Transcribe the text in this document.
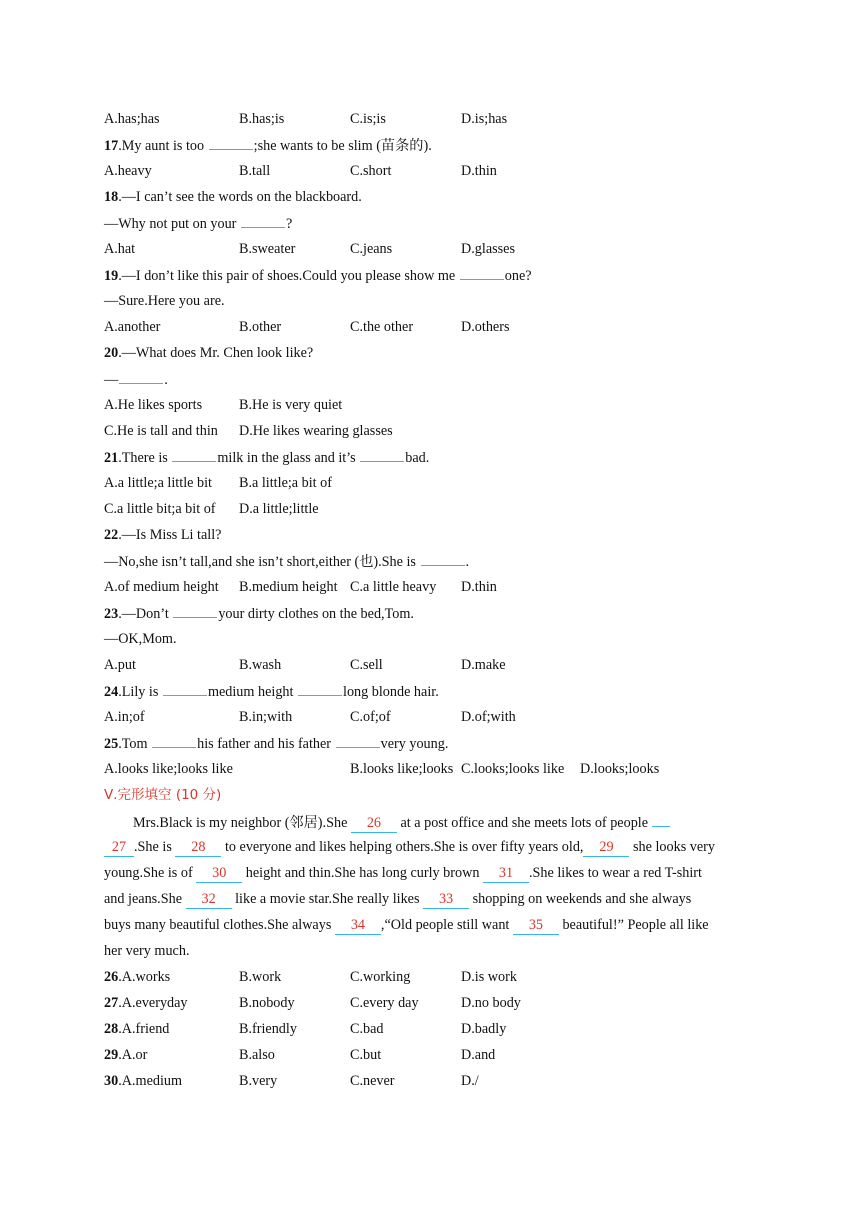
A.has;has	B.has;is	C.is;is	D.is;has
17.My aunt is too	;she wants to be slim (苗条的).
A.heavy	B.tall	C.short	D.thin
18.—I can’t see the words on the blackboard.
—Why not put on your	?
A.hat	B.sweater	C.jeans	D.glasses
19.—I don’t like this pair of shoes.Could you please show me	one?
—Sure.Here you are.
A.another	B.other	C.the other	D.others
20.—What does Mr. Chen look like?
—	.
A.He likes sports	B.He is very quiet
C.He is tall and thin D.He likes wearing glasses
21.There is	milk in the glass and it’s	bad.
A.a little;a little bit B.a little;a bit of
C.a little bit;a bit of D.a little;little
22.—Is Miss Li tall?
—No,she isn’t tall,and she isn’t short,either (也).She is	.
A.of medium height B.medium height C.a little heavy D.thin
23.—Don’t	your dirty clothes on the bed,Tom.
—OK,Mom.
A.put	B.wash	C.sell	D.make
24.Lily is	medium height	long blonde hair.
A.in;of	B.in;with	C.of;of	D.of;with
25.Tom	his father and his father	very young.
A.looks like;looks like	B.looks like;looks C.looks;looks like D.looks;looks
Ⅴ.完形填空 (10 分)
Mrs.Black is my neighbor (邻居).She 26 at a post office and she meets lots of people
27 .She is 28 to everyone and likes helping others.She is over fifty years old, 29 she looks very
young.She is of 30 height and thin.She has long curly brown 31 .She likes to wear a red T-shirt
and jeans.She 32 like a movie star.She really likes 33 shopping on weekends and she always
buys many beautiful clothes.She always 34 ,“Old people still want 35 beautiful!” People all like
her very much.
26.A.works	B.work	C.working	D.is work
27.A.everyday	B.nobody	C.every day	D.no body
28.A.friend	B.friendly	C.bad	D.badly
29.A.or	B.also	C.but	D.and
30.A.medium	B.very	C.never	D./
